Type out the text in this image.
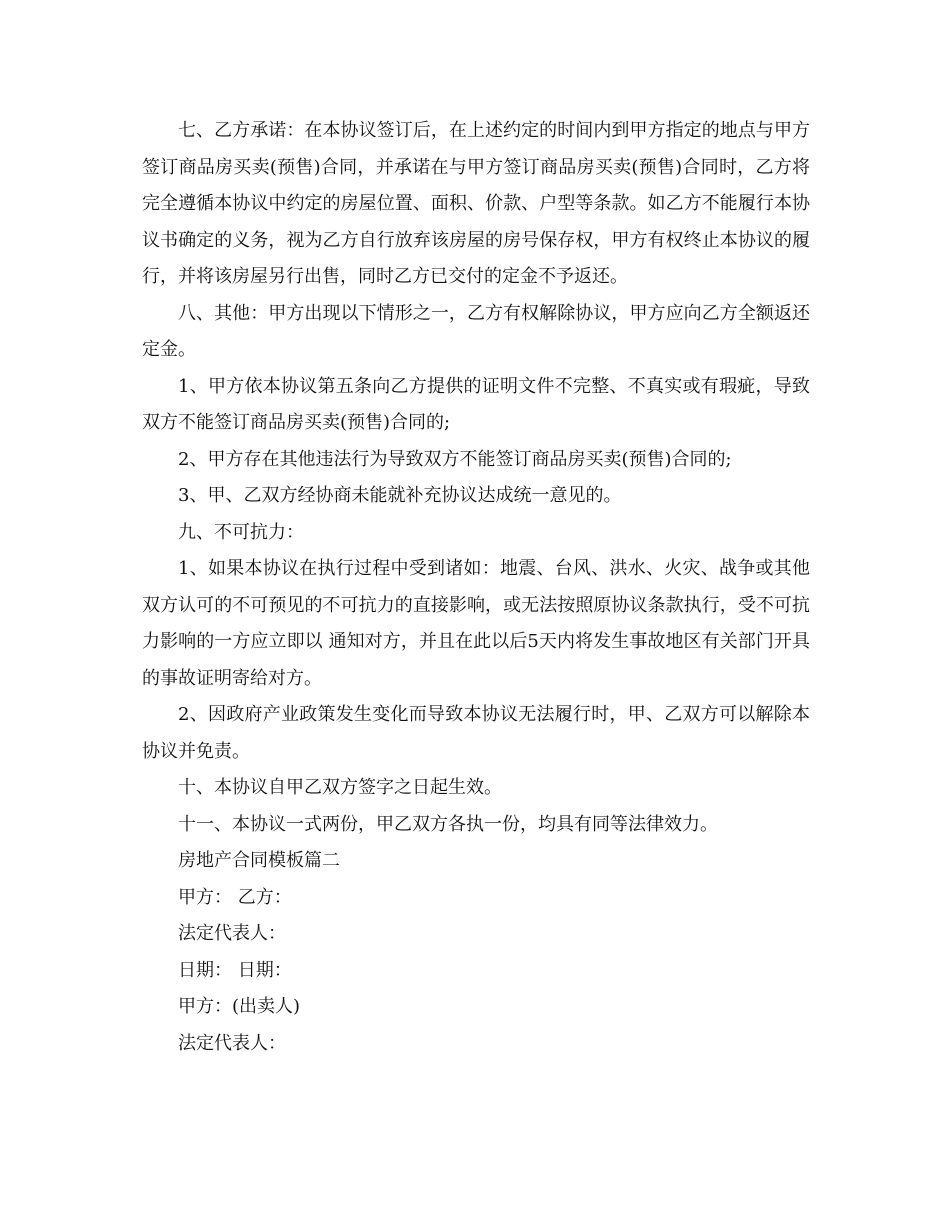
七、乙方承诺：在本协议签订后，在上述约定的时间内到甲方指定的地点与甲方签订商品房买卖(预售)合同，并承诺在与甲方签订商品房买卖(预售)合同时，乙方将完全遵循本协议中约定的房屋位置、面积、价款、户型等条款。如乙方不能履行本协议书确定的义务，视为乙方自行放弃该房屋的房号保存权，甲方有权终止本协议的履行，并将该房屋另行出售，同时乙方已交付的定金不予返还。

八、其他：甲方出现以下情形之一，乙方有权解除协议，甲方应向乙方全额返还定金。

1、甲方依本协议第五条向乙方提供的证明文件不完整、不真实或有瑕疵，导致双方不能签订商品房买卖(预售)合同的;

2、甲方存在其他违法行为导致双方不能签订商品房买卖(预售)合同的;

3、甲、乙双方经协商未能就补充协议达成统一意见的。

九、不可抗力：

1、如果本协议在执行过程中受到诸如：地震、台风、洪水、火灾、战争或其他双方认可的不可预见的不可抗力的直接影响，或无法按照原协议条款执行，受不可抗力影响的一方应立即以 通知对方，并且在此以后5天内将发生事故地区有关部门开具的事故证明寄给对方。

2、因政府产业政策发生变化而导致本协议无法履行时，甲、乙双方可以解除本协议并免责。

十、本协议自甲乙双方签字之日起生效。

十一、本协议一式两份，甲乙双方各执一份，均具有同等法律效力。

房地产合同模板篇二

甲方： 乙方：

法定代表人：

日期： 日期：

甲方：(出卖人)

法定代表人：
